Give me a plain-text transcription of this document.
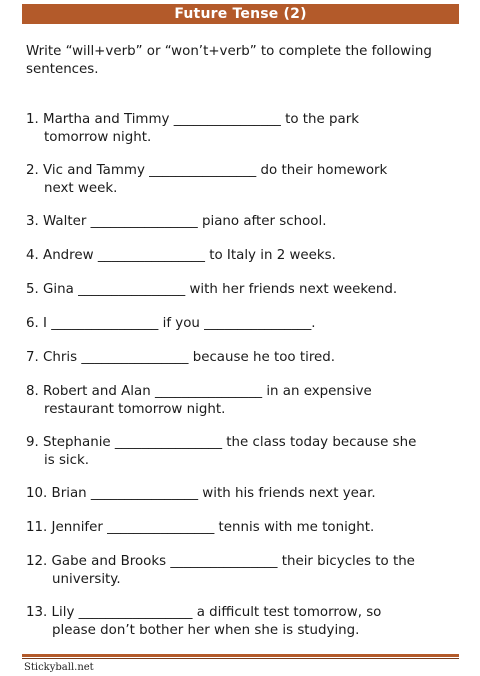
Future Tense (2)
Write “will+verb” or “won’t+verb” to complete the following sentences.
1. Martha and Timmy ________________ to the park
tomorrow night.
2. Vic and Tammy ________________ do their homework
next week.
3. Walter ________________ piano after school.
4. Andrew ________________ to Italy in 2 weeks.
5. Gina ________________ with her friends next weekend.
6. I ________________ if you ________________.
7. Chris ________________ because he too tired.
8. Robert and Alan ________________ in an expensive
restaurant tomorrow night.
9. Stephanie ________________ the class today because she
is sick.
10. Brian ________________ with his friends next year.
11. Jennifer ________________ tennis with me tonight.
12. Gabe and Brooks ________________ their bicycles to the
university.
13. Lily _________________ a difficult test tomorrow, so
please don’t bother her when she is studying.
Stickyball.net
